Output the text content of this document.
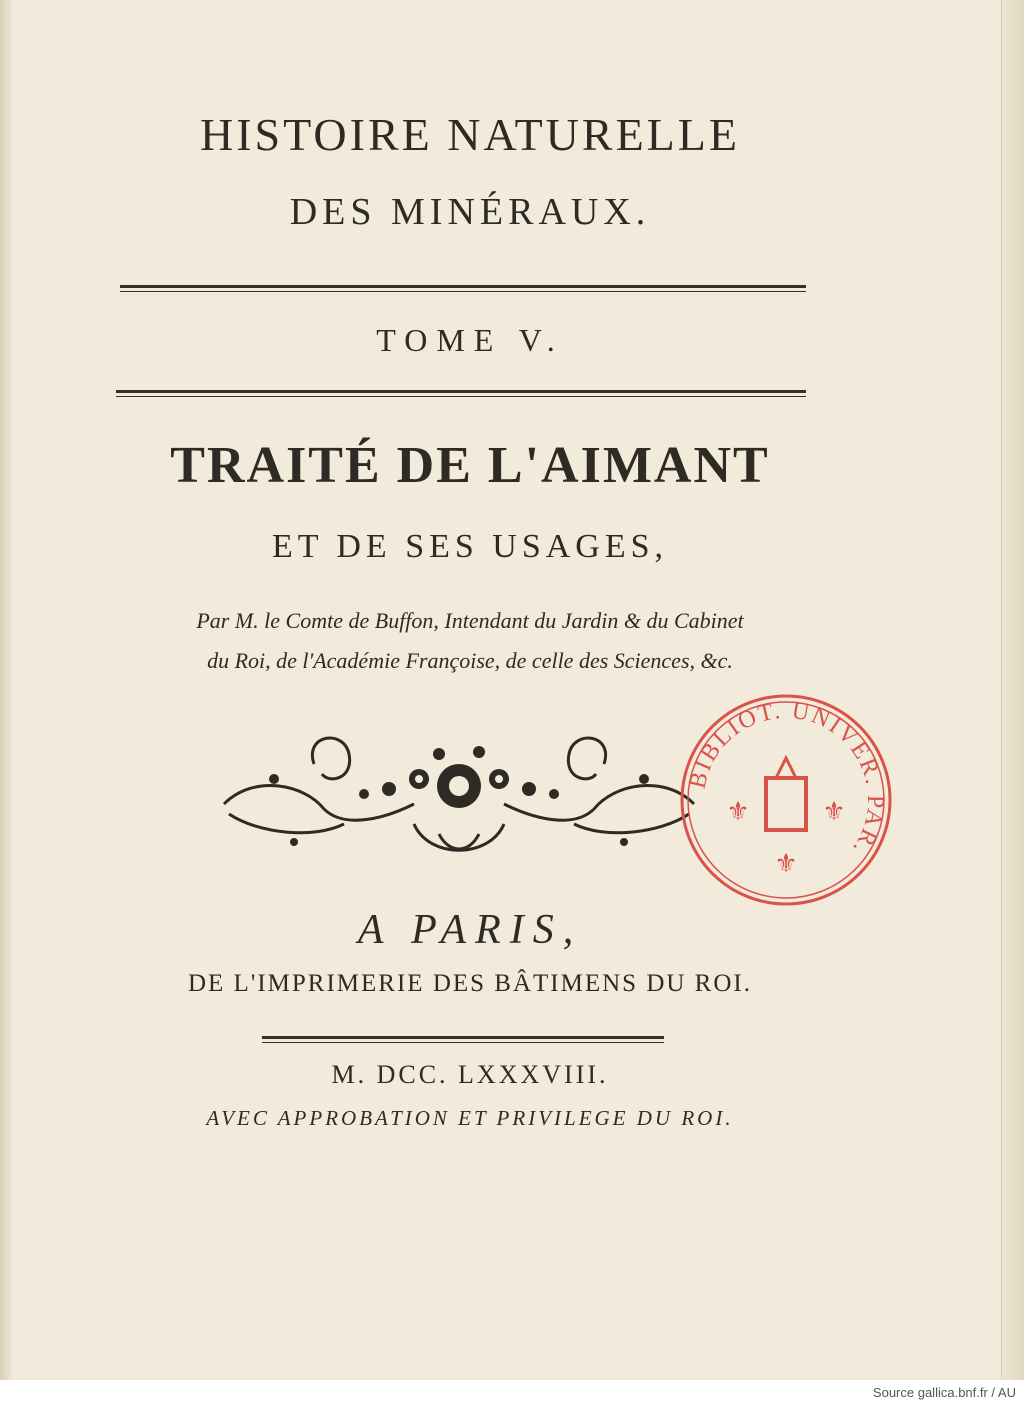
HISTOIRE NATURELLE
DES MINÉRAUX.
TOME V.
TRAITÉ DE L'AIMANT
ET DE SES USAGES,
Par M. le Comte de Buffon, Intendant du Jardin & du Cabinet
du Roi, de l'Académie Françoise, de celle des Sciences, &c.
BIBLIOT. UNIVER. PAR.
⚜	⚜
⚜
A PARIS,
DE L'IMPRIMERIE DES BÂTIMENS DU ROI.
M. DCC. LXXXVIII.
AVEC APPROBATION ET PRIVILEGE DU ROI.
Source gallica.bnf.fr / AU
